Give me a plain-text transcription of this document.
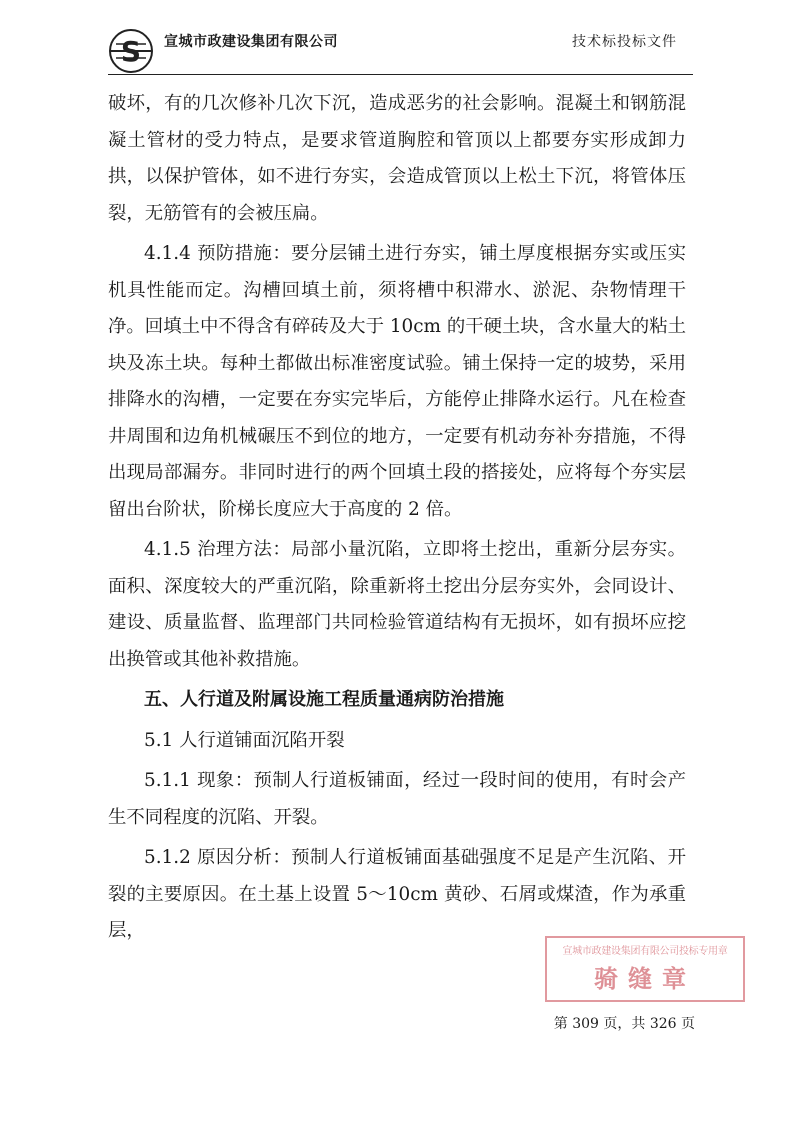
S 宣城市政建设集团有限公司	技术标投标文件

破坏，有的几次修补几次下沉，造成恶劣的社会影响。混凝土和钢筋混凝土管材的受力特点，是要求管道胸腔和管顶以上都要夯实形成卸力拱，以保护管体，如不进行夯实，会造成管顶以上松土下沉，将管体压裂，无筋管有的会被压扁。

4.1.4 预防措施：要分层铺土进行夯实，铺土厚度根据夯实或压实机具性能而定。沟槽回填土前，须将槽中积滞水、淤泥、杂物情理干净。回填土中不得含有碎砖及大于 10cm 的干硬土块，含水量大的粘土块及冻土块。每种土都做出标准密度试验。铺土保持一定的坡势，采用排降水的沟槽，一定要在夯实完毕后，方能停止排降水运行。凡在检查井周围和边角机械碾压不到位的地方，一定要有机动夯补夯措施，不得出现局部漏夯。非同时进行的两个回填土段的搭接处，应将每个夯实层留出台阶状，阶梯长度应大于高度的 2 倍。

4.1.5 治理方法：局部小量沉陷，立即将土挖出，重新分层夯实。面积、深度较大的严重沉陷，除重新将土挖出分层夯实外，会同设计、建设、质量监督、监理部门共同检验管道结构有无损坏，如有损坏应挖出换管或其他补救措施。

五、人行道及附属设施工程质量通病防治措施

5.1 人行道铺面沉陷开裂

5.1.1 现象：预制人行道板铺面，经过一段时间的使用，有时会产生不同程度的沉陷、开裂。

5.1.2 原因分析：预制人行道板铺面基础强度不足是产生沉陷、开裂的主要原因。在土基上设置 5～10cm 黄砂、石屑或煤渣，作为承重层，

宣城市政建设集团有限公司投标专用章
骑缝章
第 309 页，共 326 页
